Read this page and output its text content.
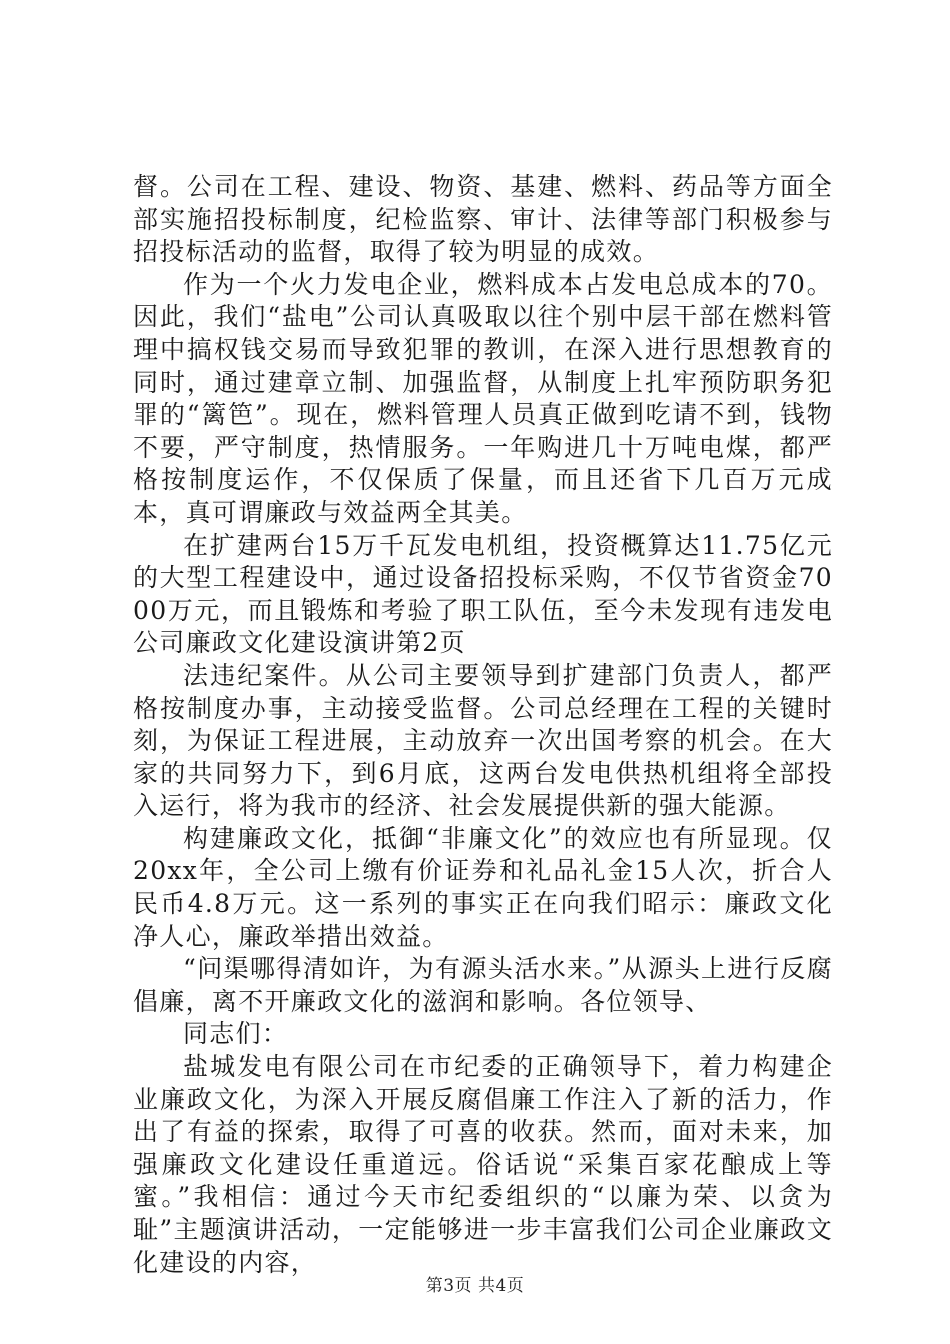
督。公司在工程、建设、物资、基建、燃料、药品等方面全部实施招投标制度，纪检监察、审计、法律等部门积极参与招投标活动的监督，取得了较为明显的成效。

作为一个火力发电企业，燃料成本占发电总成本的70。因此，我们“盐电”公司认真吸取以往个别中层干部在燃料管理中搞权钱交易而导致犯罪的教训，在深入进行思想教育的同时，通过建章立制、加强监督，从制度上扎牢预防职务犯罪的“篱笆”。现在，燃料管理人员真正做到吃请不到，钱物不要，严守制度，热情服务。一年购进几十万吨电煤，都严格按制度运作，不仅保质了保量，而且还省下几百万元成本，真可谓廉政与效益两全其美。

在扩建两台15万千瓦发电机组，投资概算达11.75亿元的大型工程建设中，通过设备招投标采购，不仅节省资金7000万元，而且锻炼和考验了职工队伍，至今未发现有违发电公司廉政文化建设演讲第2页

法违纪案件。从公司主要领导到扩建部门负责人，都严格按制度办事，主动接受监督。公司总经理在工程的关键时刻，为保证工程进展，主动放弃一次出国考察的机会。在大家的共同努力下，到6月底，这两台发电供热机组将全部投入运行，将为我市的经济、社会发展提供新的强大能源。

构建廉政文化，抵御“非廉文化”的效应也有所显现。仅20xx年，全公司上缴有价证券和礼品礼金15人次，折合人民币4.8万元。这一系列的事实正在向我们昭示：廉政文化净人心，廉政举措出效益。

“问渠哪得清如许，为有源头活水来。”从源头上进行反腐倡廉，离不开廉政文化的滋润和影响。各位领导、

同志们：

盐城发电有限公司在市纪委的正确领导下，着力构建企业廉政文化，为深入开展反腐倡廉工作注入了新的活力，作出了有益的探索，取得了可喜的收获。然而，面对未来，加强廉政文化建设任重道远。俗话说“采集百家花酿成上等蜜。”我相信：通过今天市纪委组织的“以廉为荣、以贪为耻”主题演讲活动，一定能够进一步丰富我们公司企业廉政文化建设的内容，

第3页 共4页
